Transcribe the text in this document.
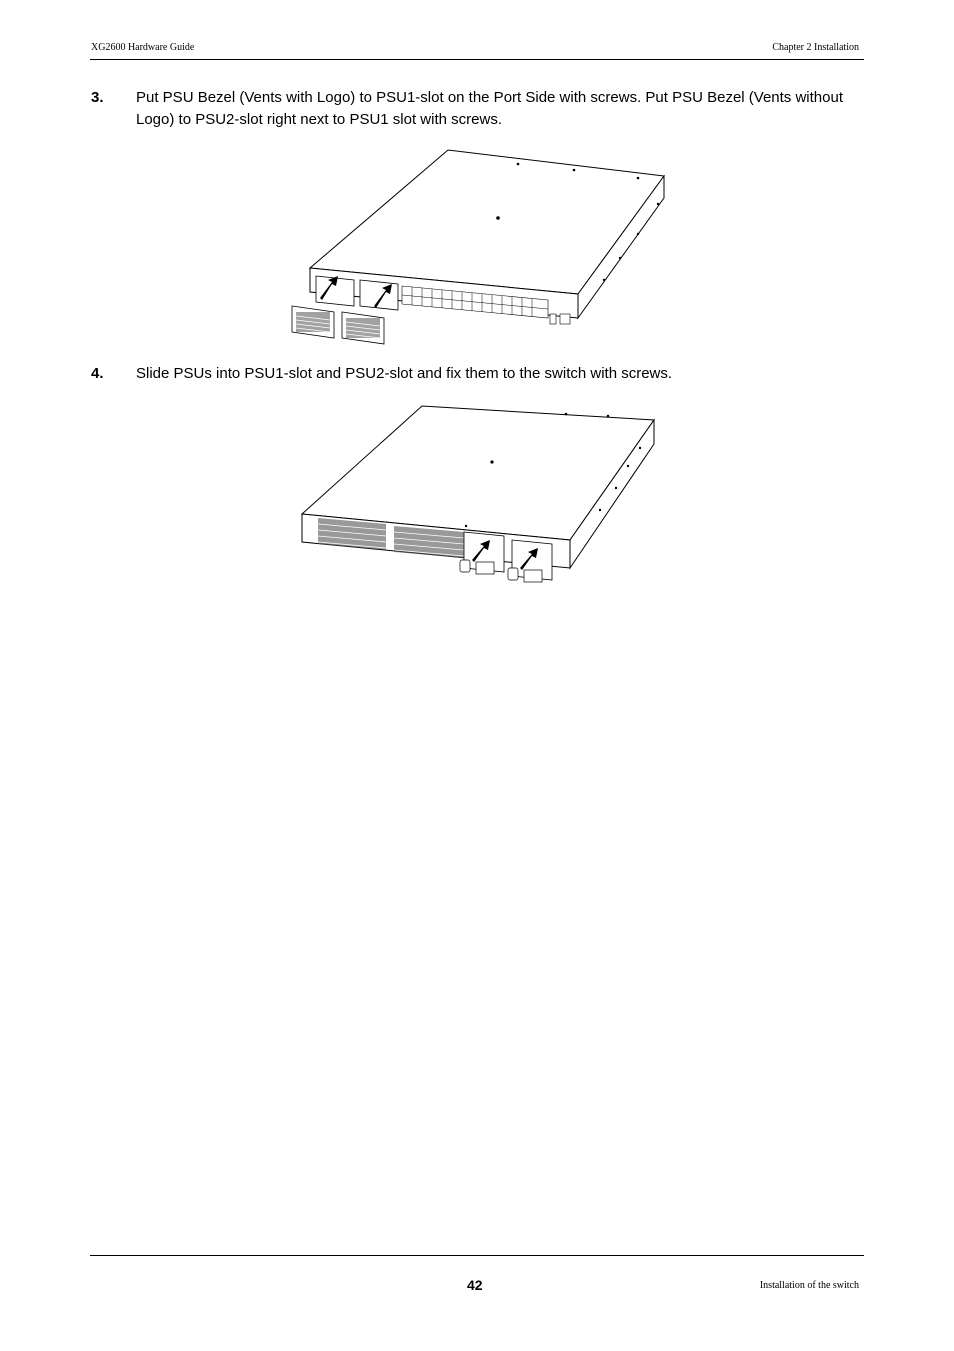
XG2600 Hardware Guide	Chapter 2 Installation
3. Put PSU Bezel (Vents with Logo) to PSU1-slot on the Port Side with screws. Put PSU Bezel (Vents without Logo) to PSU2-slot right next to PSU1 slot with screws.
4. Slide PSUs into PSU1-slot and PSU2-slot and fix them to the switch with screws.
42	Installation of the switch
